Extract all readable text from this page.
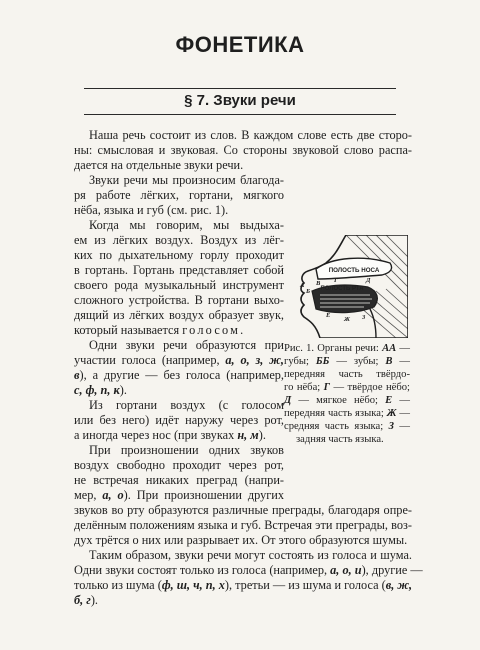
ФОНЕТИКА
§ 7. Звуки речи
Наша речь состоит из слов. В каждом слове есть две сторо-
ны: смысловая и звуковая. Со стороны звуковой слово распа-
дается на отдельные звуки речи.
Звуки речи мы произносим благода-
ря работе лёгких, гортани, мягкого
нёба, языка и губ (см. рис. 1).
Когда мы говорим, мы выдыха-
ем из лёгких воздух. Воздух из лёг-
ких по дыхательному горлу проходит
в гортань. Гортань представляет собой
своего рода музыкальный инструмент
сложного устройства. В гортани выхо-
дящий из лёгких воздух образует звук,
который называется голосом.
Одни звуки речи образуются при
участии голоса (например, а, о, з, ж,
в), а другие — без голоса (например,
с, ф, п, к).
Из гортани воздух (с голосом
или без него) идёт наружу через рот,
а иногда через нос (при звуках н, м).
При произношении одних звуков
воздух свободно проходит через рот,
не встречая никаких преград (напри-
мер, а, о). При произношении других
звуков во рту образуются различные преграды, благодаря опре-
делённым положениям языка и губ. Встречая эти преграды, воз-
дух трётся о них или разрывает их. От этого образуются шумы.
Таким образом, звуки речи могут состоять из голоса и шума.
Одни звуки состоят только из голоса (например, а, о, и), другие —
только из шума (ф, ш, ч, п, х), третьи — из шума и голоса (в, ж,
б, г).
ПОЛОСТЬ НОСА
ПОЛОСТЬ РТА
А
Б
В Г	Д
Е
Ж З
Рис. 1. Органы речи: АА —
губы; ББ — зубы; В —
передняя часть твёрдо-
го нёба; Г — твёрдое нёбо;
Д — мягкое нёбо; Е —
передняя часть языка; Ж —
средняя часть языка; З —
задняя часть языка.
